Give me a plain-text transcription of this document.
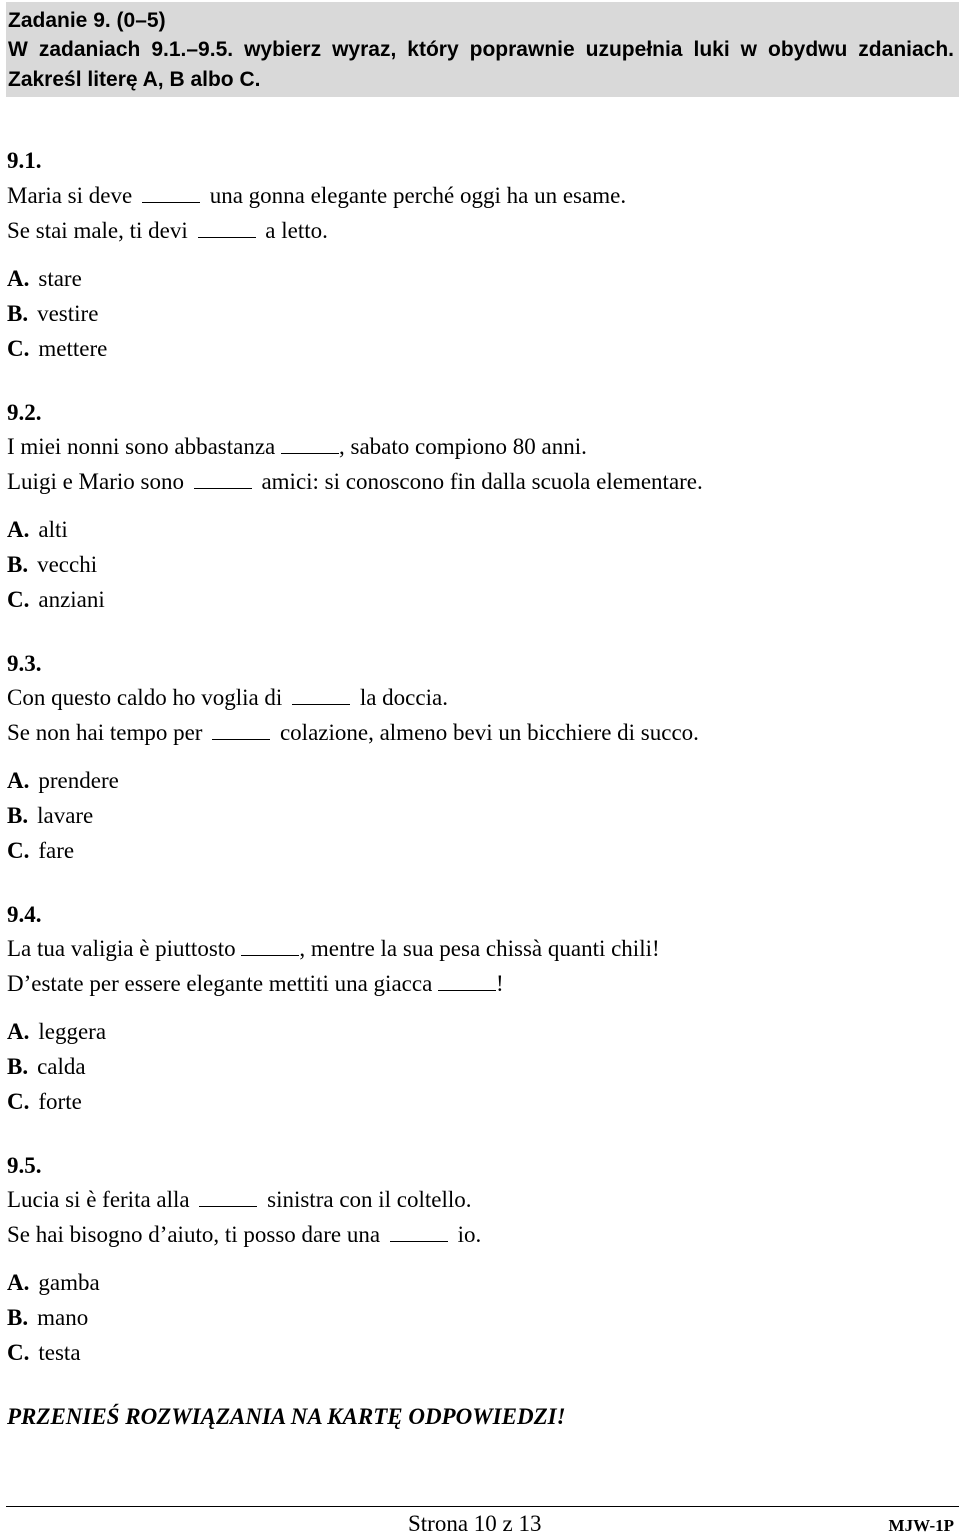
Zadanie 9. (0–5)
W zadaniach 9.1.–9.5. wybierz wyraz, który poprawnie uzupełnia luki w obydwu zdaniach. Zakreśl literę A, B albo C.
9.1.
Maria si deve	una gonna elegante perché oggi ha un esame.
Se stai male, ti devi	a letto.
A. stare
B. vestire
C. mettere
9.2.
I miei nonni sono abbastanza	, sabato compiono 80 anni.
Luigi e Mario sono	amici: si conoscono fin dalla scuola elementare.
A. alti
B. vecchi
C. anziani
9.3.
Con questo caldo ho voglia di	la doccia.
Se non hai tempo per	colazione, almeno bevi un bicchiere di succo.
A. prendere
B. lavare
C. fare
9.4.
La tua valigia è piuttosto	, mentre la sua pesa chissà quanti chili!
D’estate per essere elegante mettiti una giacca	!
A. leggera
B. calda
C. forte
9.5.
Lucia si è ferita alla	sinistra con il coltello.
Se hai bisogno d’aiuto, ti posso dare una	io.
A. gamba
B. mano
C. testa
PRZENIEŚ ROZWIĄZANIA NA KARTĘ ODPOWIEDZI!
Strona 10 z 13	MJW-1P
